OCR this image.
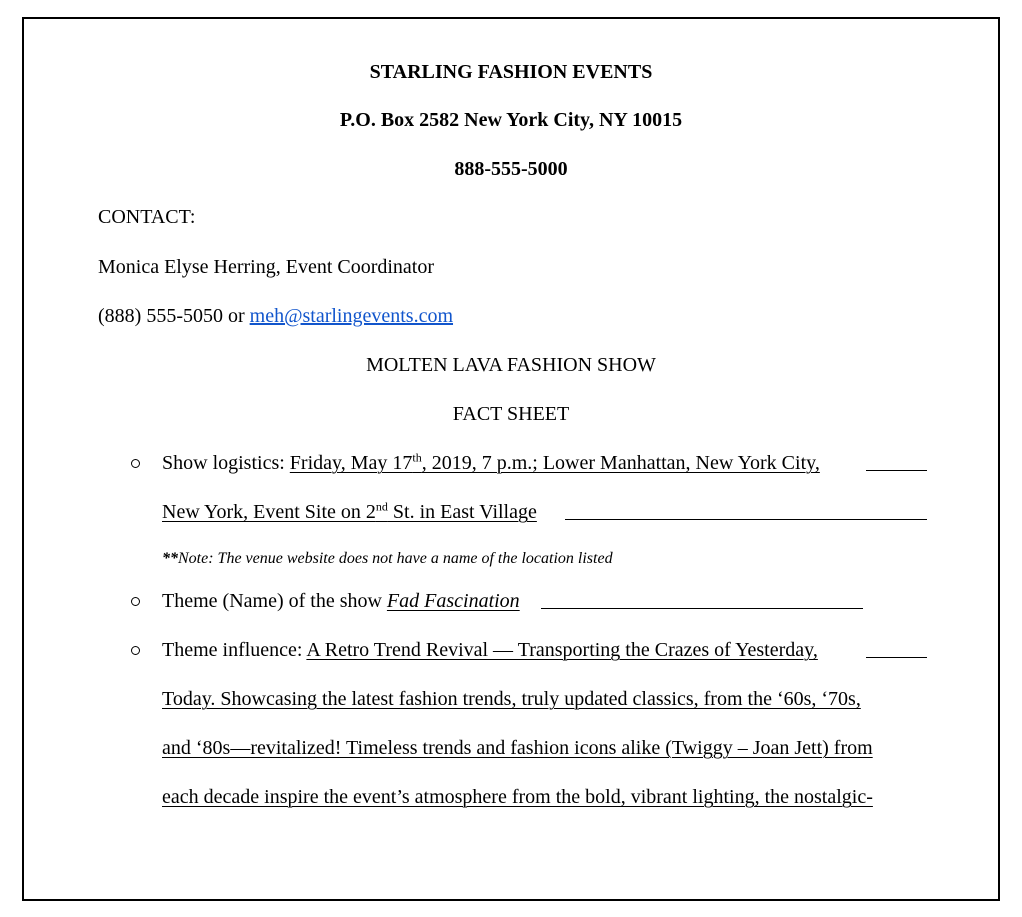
STARLING FASHION EVENTS
P.O. Box 2582 New York City, NY 10015
888-555-5000
CONTACT:
Monica Elyse Herring, Event Coordinator
(888) 555-5050 or meh@starlingevents.com
MOLTEN LAVA FASHION SHOW
FACT SHEET
Show logistics: Friday, May 17th, 2019, 7 p.m.; Lower Manhattan, New York City,
New York, Event Site on 2nd St. in East Village
**Note: The venue website does not have a name of the location listed
Theme (Name) of the show Fad Fascination
Theme influence: A Retro Trend Revival — Transporting the Crazes of Yesterday,
Today. Showcasing the latest fashion trends, truly updated classics, from the ‘60s, ‘70s,
and ‘80s—revitalized! Timeless trends and fashion icons alike (Twiggy – Joan Jett) from
each decade inspire the event’s atmosphere from the bold, vibrant lighting, the nostalgic-
